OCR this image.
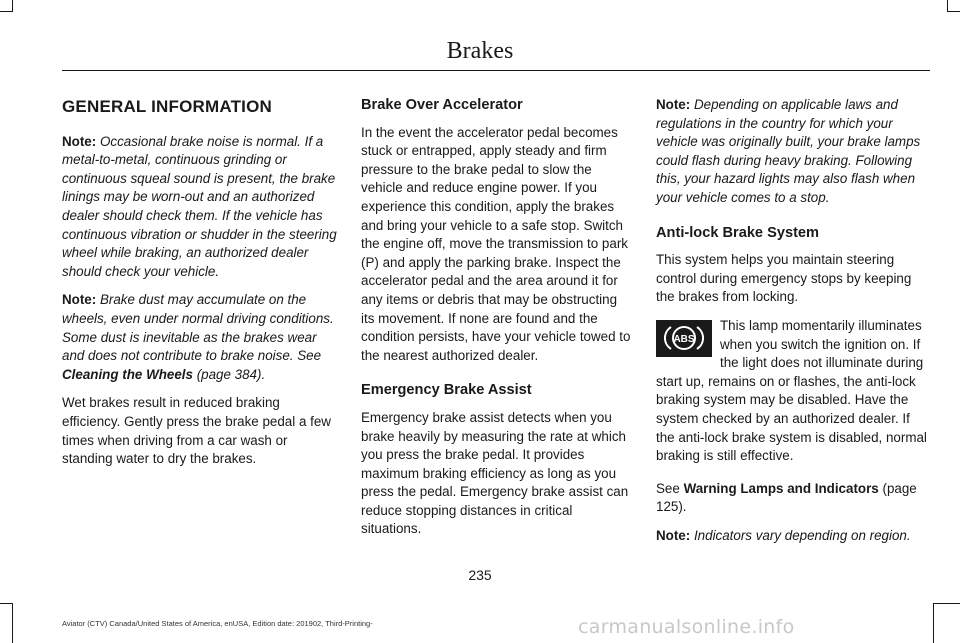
Brakes
GENERAL INFORMATION

Note: Occasional brake noise is normal. If a metal-to-metal, continuous grinding or continuous squeal sound is present, the brake linings may be worn-out and an authorized dealer should check them. If the vehicle has continuous vibration or shudder in the steering wheel while braking, an authorized dealer should check your vehicle.

Note: Brake dust may accumulate on the wheels, even under normal driving conditions. Some dust is inevitable as the brakes wear and does not contribute to brake noise. See Cleaning the Wheels (page 384).

Wet brakes result in reduced braking efficiency. Gently press the brake pedal a few times when driving from a car wash or standing water to dry the brakes.

Brake Over Accelerator

In the event the accelerator pedal becomes stuck or entrapped, apply steady and firm pressure to the brake pedal to slow the vehicle and reduce engine power. If you experience this condition, apply the brakes and bring your vehicle to a safe stop. Switch the engine off, move the transmission to park (P) and apply the parking brake. Inspect the accelerator pedal and the area around it for any items or debris that may be obstructing its movement. If none are found and the condition persists, have your vehicle towed to the nearest authorized dealer.

Emergency Brake Assist

Emergency brake assist detects when you brake heavily by measuring the rate at which you press the brake pedal. It provides maximum braking efficiency as long as you press the pedal. Emergency brake assist can reduce stopping distances in critical situations.

Note: Depending on applicable laws and regulations in the country for which your vehicle was originally built, your brake lamps could flash during heavy braking. Following this, your hazard lights may also flash when your vehicle comes to a stop.

Anti-lock Brake System

This system helps you maintain steering control during emergency stops by keeping the brakes from locking.

ABS
This lamp momentarily illuminates when you switch the ignition on. If the light does not illuminate during start up, remains on or flashes, the anti-lock braking system may be disabled. Have the system checked by an authorized dealer. If the anti-lock brake system is disabled, normal braking is still effective.

See Warning Lamps and Indicators (page 125).

Note: Indicators vary depending on region.

235
Aviator (CTV) Canada/United States of America, enUSA, Edition date: 201902, Third-Printing-	carmanualsonline.info
